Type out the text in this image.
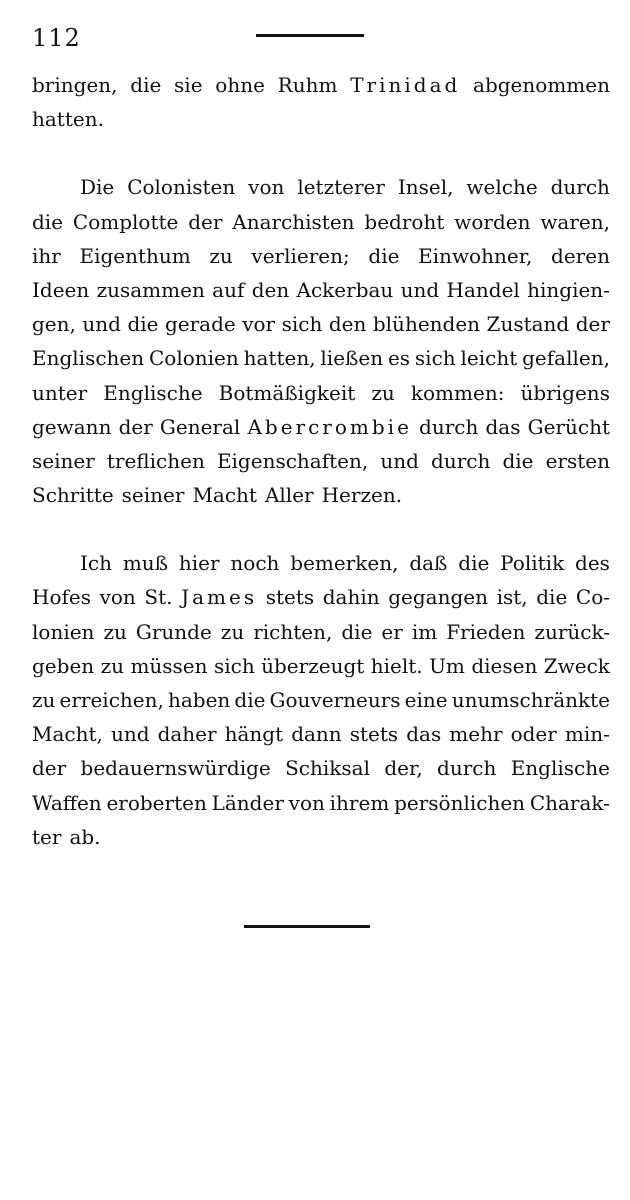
112
bringen, die sie ohne Ruhm Trinidad abgenommen
hatten.
Die Colonisten von letzterer Insel, welche durch
die Complotte der Anarchisten bedroht worden waren,
ihr Eigenthum zu verlieren; die Einwohner, deren
Ideen zusammen auf den Ackerbau und Handel hingien-
gen, und die gerade vor sich den blühenden Zustand der
Englischen Colonien hatten, ließen es sich leicht gefallen,
unter Englische Botmäßigkeit zu kommen: übrigens
gewann der General Abercrombie durch das Gerücht
seiner treflichen Eigenschaften, und durch die ersten
Schritte seiner Macht Aller Herzen.
Ich muß hier noch bemerken, daß die Politik des
Hofes von St. James stets dahin gegangen ist, die Co-
lonien zu Grunde zu richten, die er im Frieden zurück-
geben zu müssen sich überzeugt hielt. Um diesen Zweck
zu erreichen, haben die Gouverneurs eine unumschränkte
Macht, und daher hängt dann stets das mehr oder min-
der bedauernswürdige Schiksal der, durch Englische
Waffen eroberten Länder von ihrem persönlichen Charak-
ter ab.
